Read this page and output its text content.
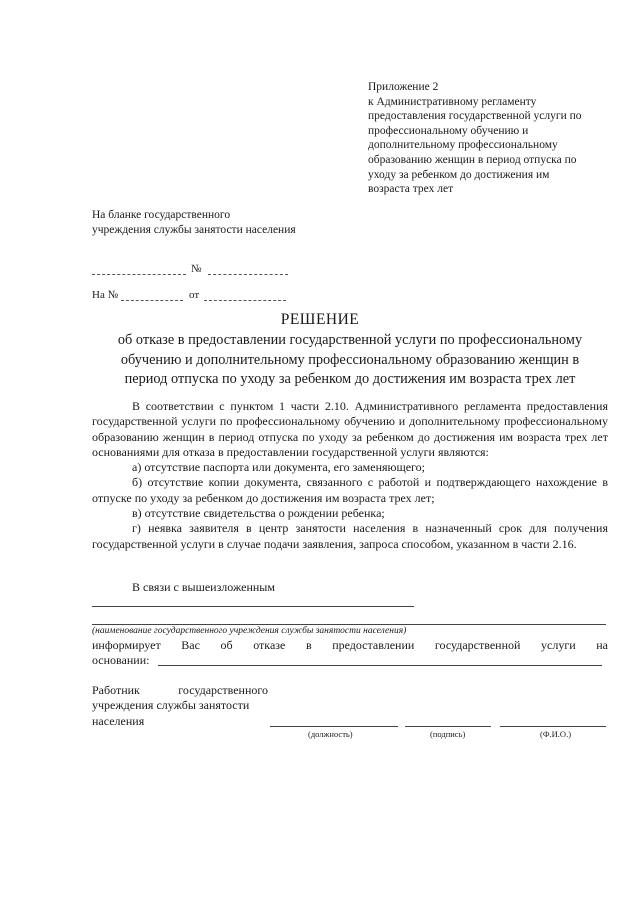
Приложение 2
к Административному регламенту
предоставления государственной услуги по
профессиональному обучению и
дополнительному профессиональному
образованию женщин в период отпуска по
уходу за ребенком до достижения им
возраста трех лет
На бланке государственного
учреждения службы занятости населения
№
На №	от
РЕШЕНИЕ
об отказе в предоставлении государственной услуги по профессиональному
обучению и дополнительному профессиональному образованию женщин в
период отпуска по уходу за ребенком до достижения им возраста трех лет

В соответствии с пунктом 1 части 2.10. Административного регламента предоставления государственной услуги по профессиональному обучению и дополнительному профессиональному образованию женщин в период отпуска по уходу за ребенком до достижения им возраста трех лет основаниями для отказа в предоставлении государственной услуги являются:

а) отсутствие паспорта или документа, его заменяющего;

б) отсутствие копии документа, связанного с работой и подтверждающего нахождение в отпуске по уходу за ребенком до достижения им возраста трех лет;

в) отсутствие свидетельства о рождении ребенка;

г) неявка заявителя в центр занятости населения в назначенный срок для получения государственной услуги в случае подачи заявления, запроса способом, указанном в части 2.16.

В связи с вышеизложенным

(наименование государственного учреждения службы занятости населения)
информирует Вас об отказе в предоставлении государственной услуги на
основании:
Работник	государственного
учреждения службы занятости
населения
(должность)	(подпись)	(Ф.И.О.)
